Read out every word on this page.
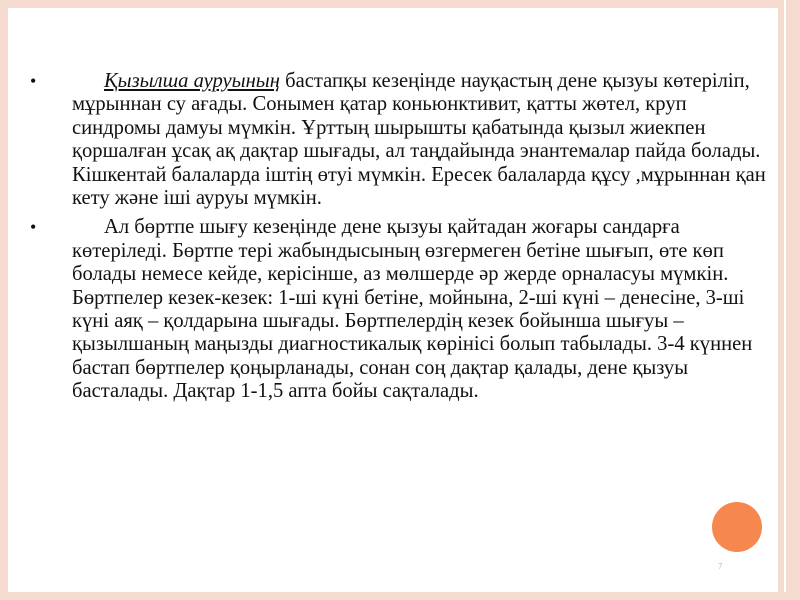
•	Қызылша ауруының бастапқы кезеңінде науқастың дене қызуы көтеріліп, мұрыннан су ағады. Сонымен қатар коньюнктивит, қатты жөтел, круп синдромы дамуы мүмкін. Ұрттың шырышты қабатында қызыл жиекпен қоршалған ұсақ ақ дақтар шығады, ал таңдайында энантемалар пайда болады. Кішкентай балаларда іштің өтуі мүмкін. Ересек балаларда құсу ,мұрыннан қан кету және іші ауруы мүмкін.

•	Ал бөртпе шығу кезеңінде дене қызуы қайтадан жоғары сандарға көтеріледі. Бөртпе тері жабындысының өзгермеген бетіне шығып, өте көп болады немесе кейде, керісінше, аз мөлшерде әр жерде орналасуы мүмкін. Бөртпелер кезек-кезек: 1-ші күні бетіне, мойнына, 2-ші күні – денесіне, 3-ші күні аяқ – қолдарына шығады. Бөртпелердің кезек бойынша шығуы – қызылшаның маңызды диагностикалық көрінісі болып табылады. 3-4 күннен бастап бөртпелер қоңырланады, сонан соң дақтар қалады, дене қызуы басталады. Дақтар 1-1,5 апта бойы сақталады.

7
